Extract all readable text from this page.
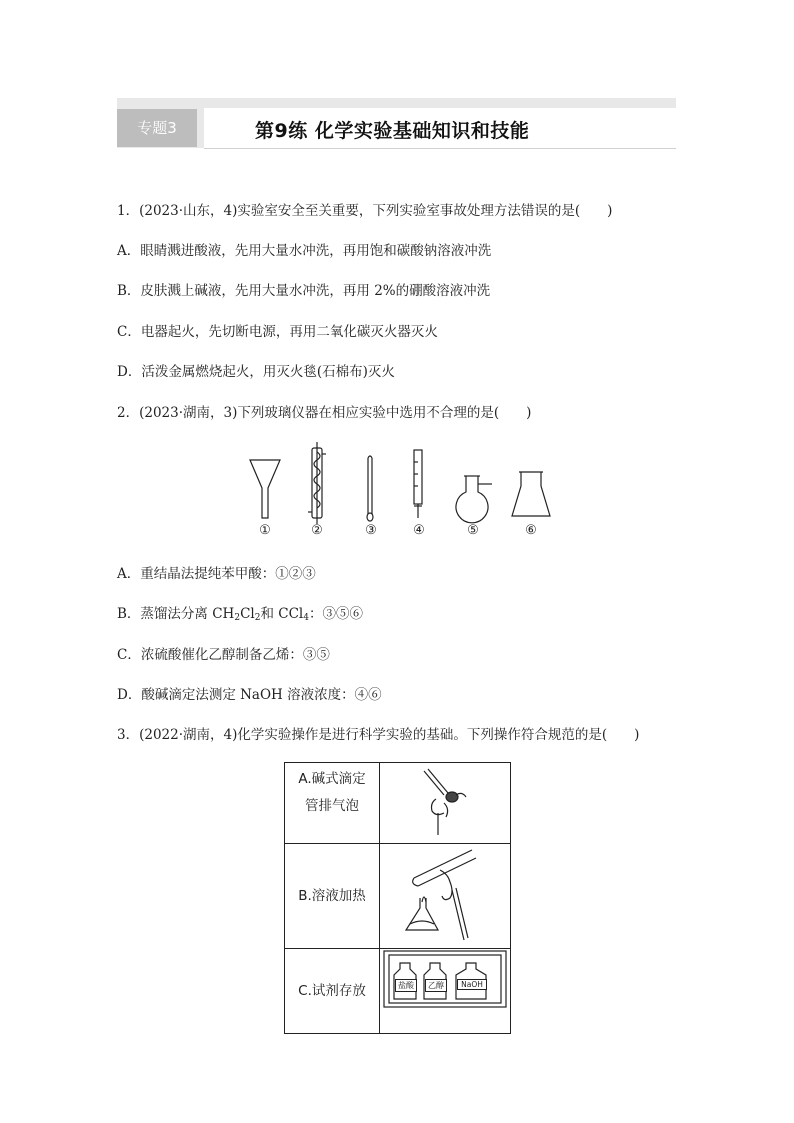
专题3	第9练 化学实验基础知识和技能
1．(2023·山东，4)实验室安全至关重要，下列实验室事故处理方法错误的是(　　)
A．眼睛溅进酸液，先用大量水冲洗，再用饱和碳酸钠溶液冲洗
B．皮肤溅上碱液，先用大量水冲洗，再用 2%的硼酸溶液冲洗
C．电器起火，先切断电源，再用二氧化碳灭火器灭火
D．活泼金属燃烧起火，用灭火毯(石棉布)灭火
2．(2023·湖南，3)下列玻璃仪器在相应实验中选用不合理的是(　　)
①	②	③	④	⑤	⑥
A．重结晶法提纯苯甲酸：①②③
B．蒸馏法分离 $CH_2Cl_2$和 CCl$_4$：③⑤⑥
C．浓硫酸催化乙醇制备乙烯：③⑤
D．酸碱滴定法测定 NaOH 溶液浓度：④⑥
3．(2022·湖南，4)化学实验操作是进行科学实验的基础。下列操作符合规范的是(　　)
A.碱式滴定
管排气泡

B.溶液加热	
C.试剂存放	盐酸 乙醇 NaOH
